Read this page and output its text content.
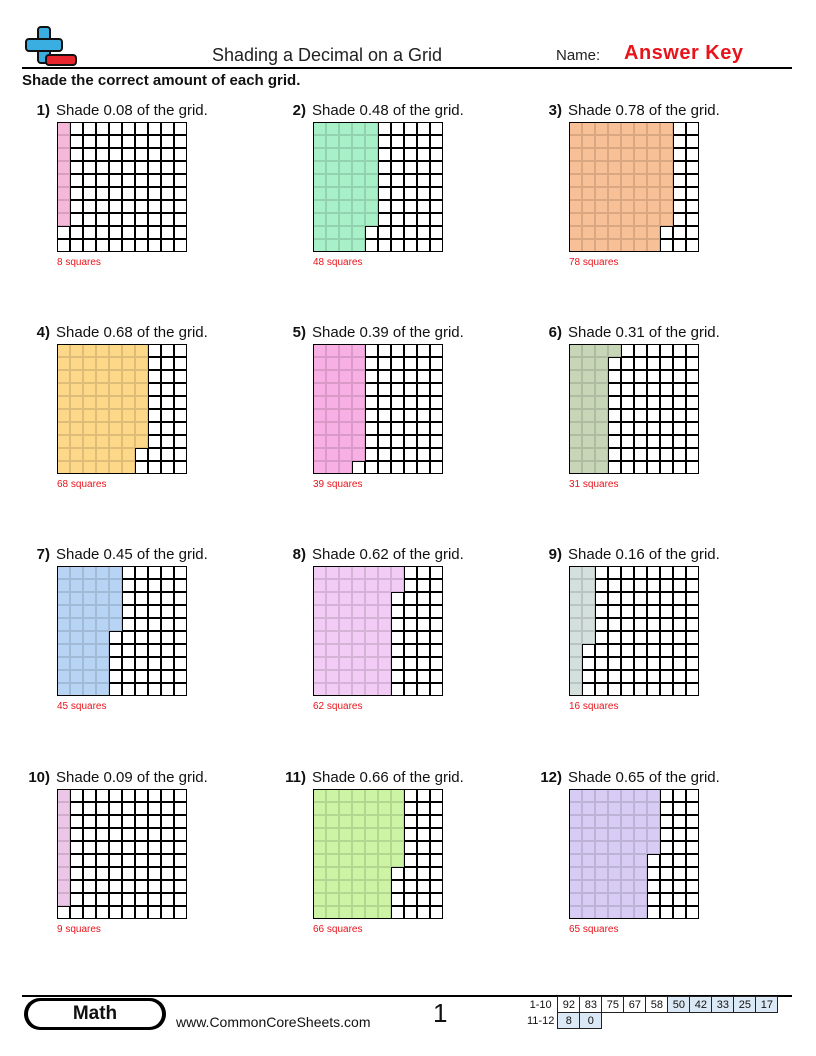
Shading a Decimal on a Grid	Name: Answer Key
Shade the correct amount of each grid.
1) Shade 0.08 of the grid.
8 squares
2) Shade 0.48 of the grid.
48 squares
3) Shade 0.78 of the grid.
78 squares
4) Shade 0.68 of the grid.
68 squares
5) Shade 0.39 of the grid.
39 squares
6) Shade 0.31 of the grid.
31 squares
7) Shade 0.45 of the grid.
45 squares
8) Shade 0.62 of the grid.
62 squares
9) Shade 0.16 of the grid.
16 squares
10) Shade 0.09 of the grid.
9 squares
11) Shade 0.66 of the grid.
66 squares
12) Shade 0.65 of the grid.
65 squares
Math	www.CommonCoreSheets.com 1	1-10	92	83	75	67	58	50	42	33	25	17
11-12	8	0								
